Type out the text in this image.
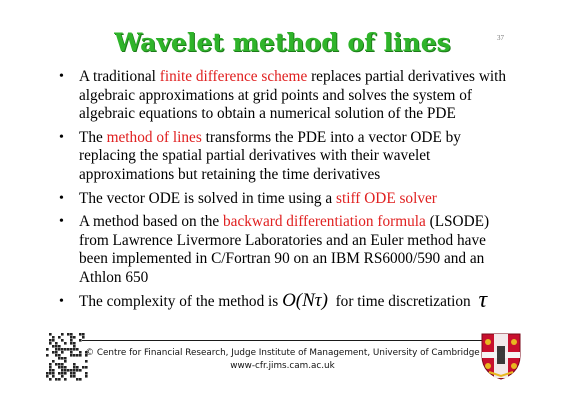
Wavelet method of lines	37
• A traditional finite difference scheme replaces partial derivatives with algebraic approximations at grid points and solves the system of algebraic equations to obtain a numerical solution of the PDE
• The method of lines transforms the PDE into a vector ODE by replacing the spatial partial derivatives with their wavelet approximations but retaining the time derivatives
• The vector ODE is solved in time using a stiff ODE solver
• A method based on the backward differentiation formula (LSODE) from Lawrence Livermore Laboratories and an Euler method have been implemented in C/Fortran 90 on an IBM RS6000/590 and an Athlon 650
• The complexity of the method is O(Nτ)  for time discretization τ
© Centre for Financial Research, Judge Institute of Management, University of Cambridge
www-cfr.jims.cam.ac.uk
